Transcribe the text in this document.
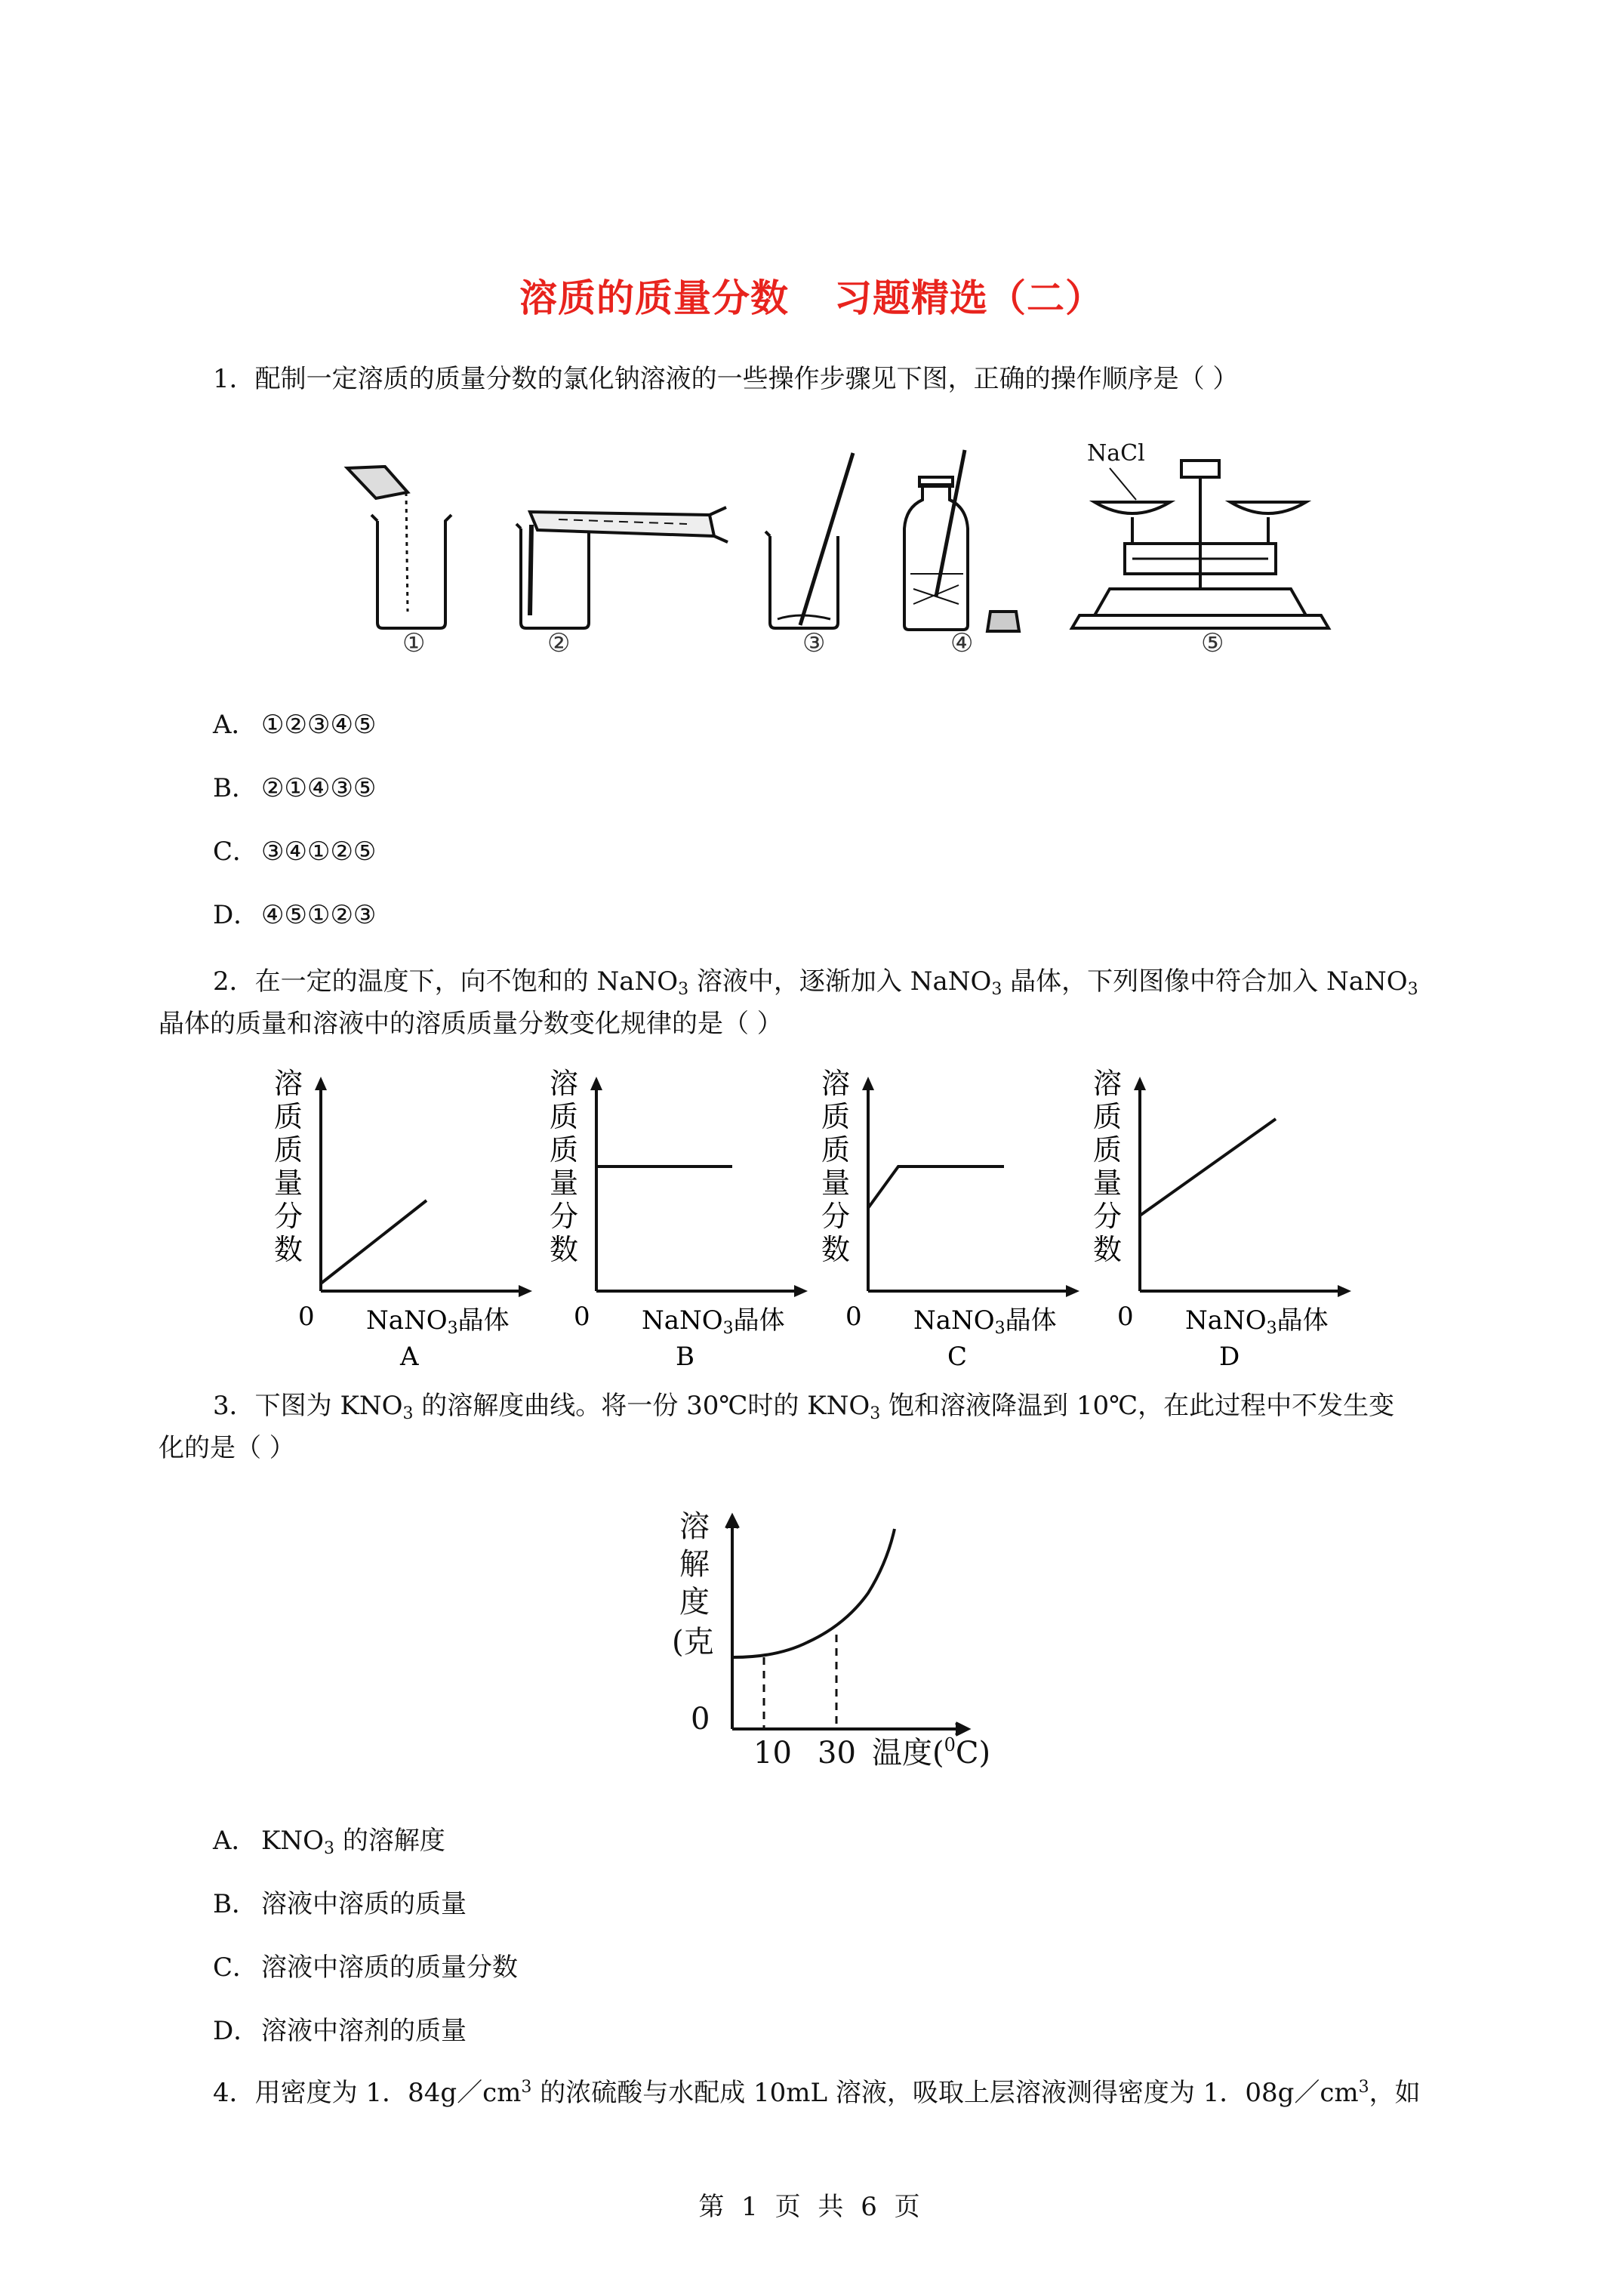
溶质的质量分数 习题精选（二）
1．配制一定溶质的质量分数的氯化钠溶液的一些操作步骤见下图，正确的操作顺序是（ ）
NaCl
①	②	③	④	⑤
A． ①②③④⑤
B． ②①④③⑤
C． ③④①②⑤
D．④⑤①②③
2．在一定的温度下，向不饱和的 NaNO$_3$ 溶液中，逐渐加入 NaNO$_3$ 晶体，下列图像中符合加入 NaNO$_3$
晶体的质量和溶液中的溶质质量分数变化规律的是（ ）
溶
质
质
量
分
数
0 NaNO3晶体
A
溶
质
质
量
分
数
0 NaNO3晶体
B
溶
质
质
量
分
数
0 NaNO3晶体
C
溶
质
质
量
分
数
0 NaNO3晶体
D
3．下图为 $KNO_3$ 的溶解度曲线。将一份 30℃时的 $KNO_3$ 饱和溶液降温到 10℃，在此过程中不发生变
化的是（ ）
溶
解
度
(克
0
10 30 温度($^0$C)
A． $KNO_3$ 的溶解度
B． 溶液中溶质的质量
C． 溶液中溶质的质量分数
D．溶液中溶剂的质量
4．用密度为 1．$84g/cm^3$ 的浓硫酸与水配成 10mL 溶液，吸取上层溶液测得密度为 1．$08g/cm^3$，如
第 1 页 共 6 页
